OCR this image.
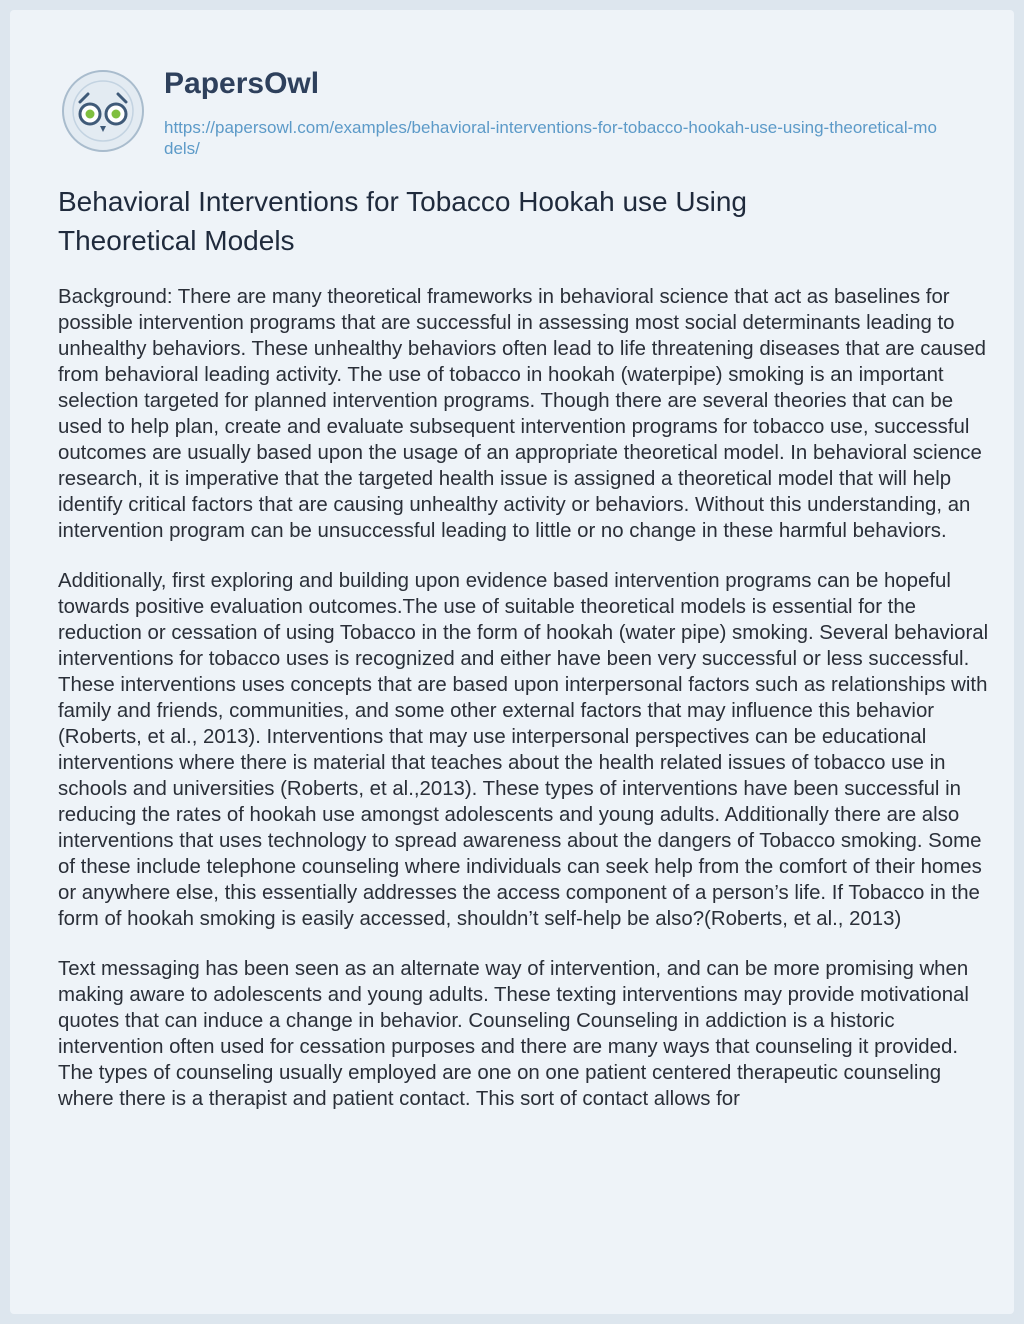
PapersOwl
https://papersowl.com/examples/behavioral-interventions-for-tobacco-hookah-use-using-theoretical-models/
Behavioral Interventions for Tobacco Hookah use Using Theoretical Models

Background: There are many theoretical frameworks in behavioral science that act as baselines for possible intervention programs that are successful in assessing most social determinants leading to unhealthy behaviors. These unhealthy behaviors often lead to life threatening diseases that are caused from behavioral leading activity. The use of tobacco in hookah (waterpipe) smoking is an important selection targeted for planned intervention programs. Though there are several theories that can be used to help plan, create and evaluate subsequent intervention programs for tobacco use, successful outcomes are usually based upon the usage of an appropriate theoretical model. In behavioral science research, it is imperative that the targeted health issue is assigned a theoretical model that will help identify critical factors that are causing unhealthy activity or behaviors. Without this understanding, an intervention program can be unsuccessful leading to little or no change in these harmful behaviors.

Additionally, first exploring and building upon evidence based intervention programs can be hopeful towards positive evaluation outcomes.The use of suitable theoretical models is essential for the reduction or cessation of using Tobacco in the form of hookah (water pipe) smoking. Several behavioral interventions for tobacco uses is recognized and either have been very successful or less successful. These interventions uses concepts that are based upon interpersonal factors such as relationships with family and friends, communities, and some other external factors that may influence this behavior (Roberts, et al., 2013). Interventions that may use interpersonal perspectives can be educational interventions where there is material that teaches about the health related issues of tobacco use in schools and universities (Roberts, et al.,2013). These types of interventions have been successful in reducing the rates of hookah use amongst adolescents and young adults. Additionally there are also interventions that uses technology to spread awareness about the dangers of Tobacco smoking. Some of these include telephone counseling where individuals can seek help from the comfort of their homes or anywhere else, this essentially addresses the access component of a person’s life. If Tobacco in the form of hookah smoking is easily accessed, shouldn’t self-help be also?(Roberts, et al., 2013)

Text messaging has been seen as an alternate way of intervention, and can be more promising when making aware to adolescents and young adults. These texting interventions may provide motivational quotes that can induce a change in behavior. Counseling Counseling in addiction is a historic intervention often used for cessation purposes and there are many ways that counseling it provided. The types of counseling usually employed are one on one patient centered therapeutic counseling where there is a therapist and patient contact. This sort of contact allows for
